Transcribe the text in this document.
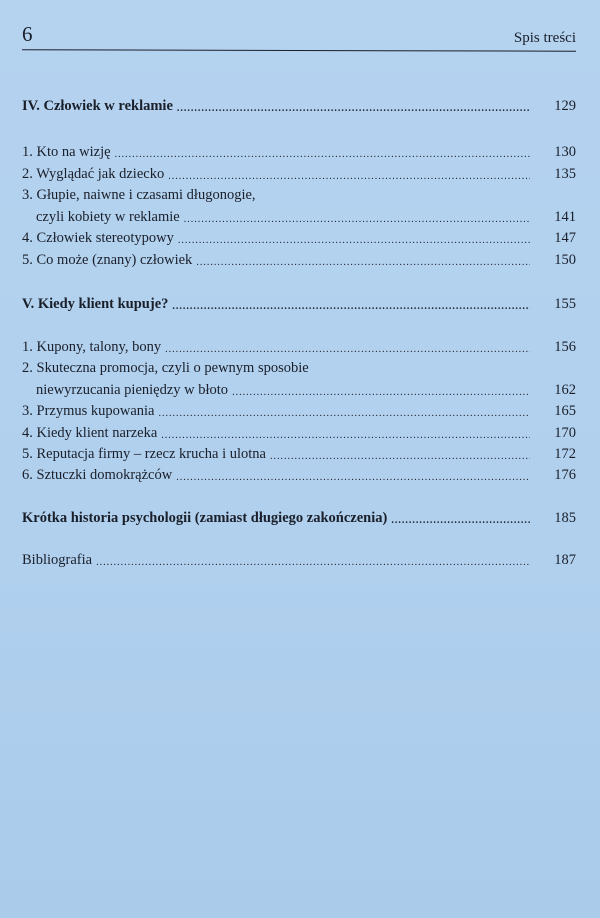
6	Spis treści
IV. Człowiek w reklamie .....	129
1. Kto na wizję .....	130
2. Wyglądać jak dziecko .....	135
3. Głupie, naiwne i czasami długonogie,
czyli kobiety w reklamie .....	141
4. Człowiek stereotypowy .....	147
5. Co może (znany) człowiek .....	150
V. Kiedy klient kupuje? .....	155
1. Kupony, talony, bony .....	156
2. Skuteczna promocja, czyli o pewnym sposobie
niewyrzucania pieniędzy w błoto .....	162
3. Przymus kupowania .....	165
4. Kiedy klient narzeka .....	170
5. Reputacja firmy – rzecz krucha i ulotna .....	172
6. Sztuczki domokrążców .....	176
Krótka historia psychologii (zamiast długiego zakończenia) .....	185
Bibliografia .....	187
